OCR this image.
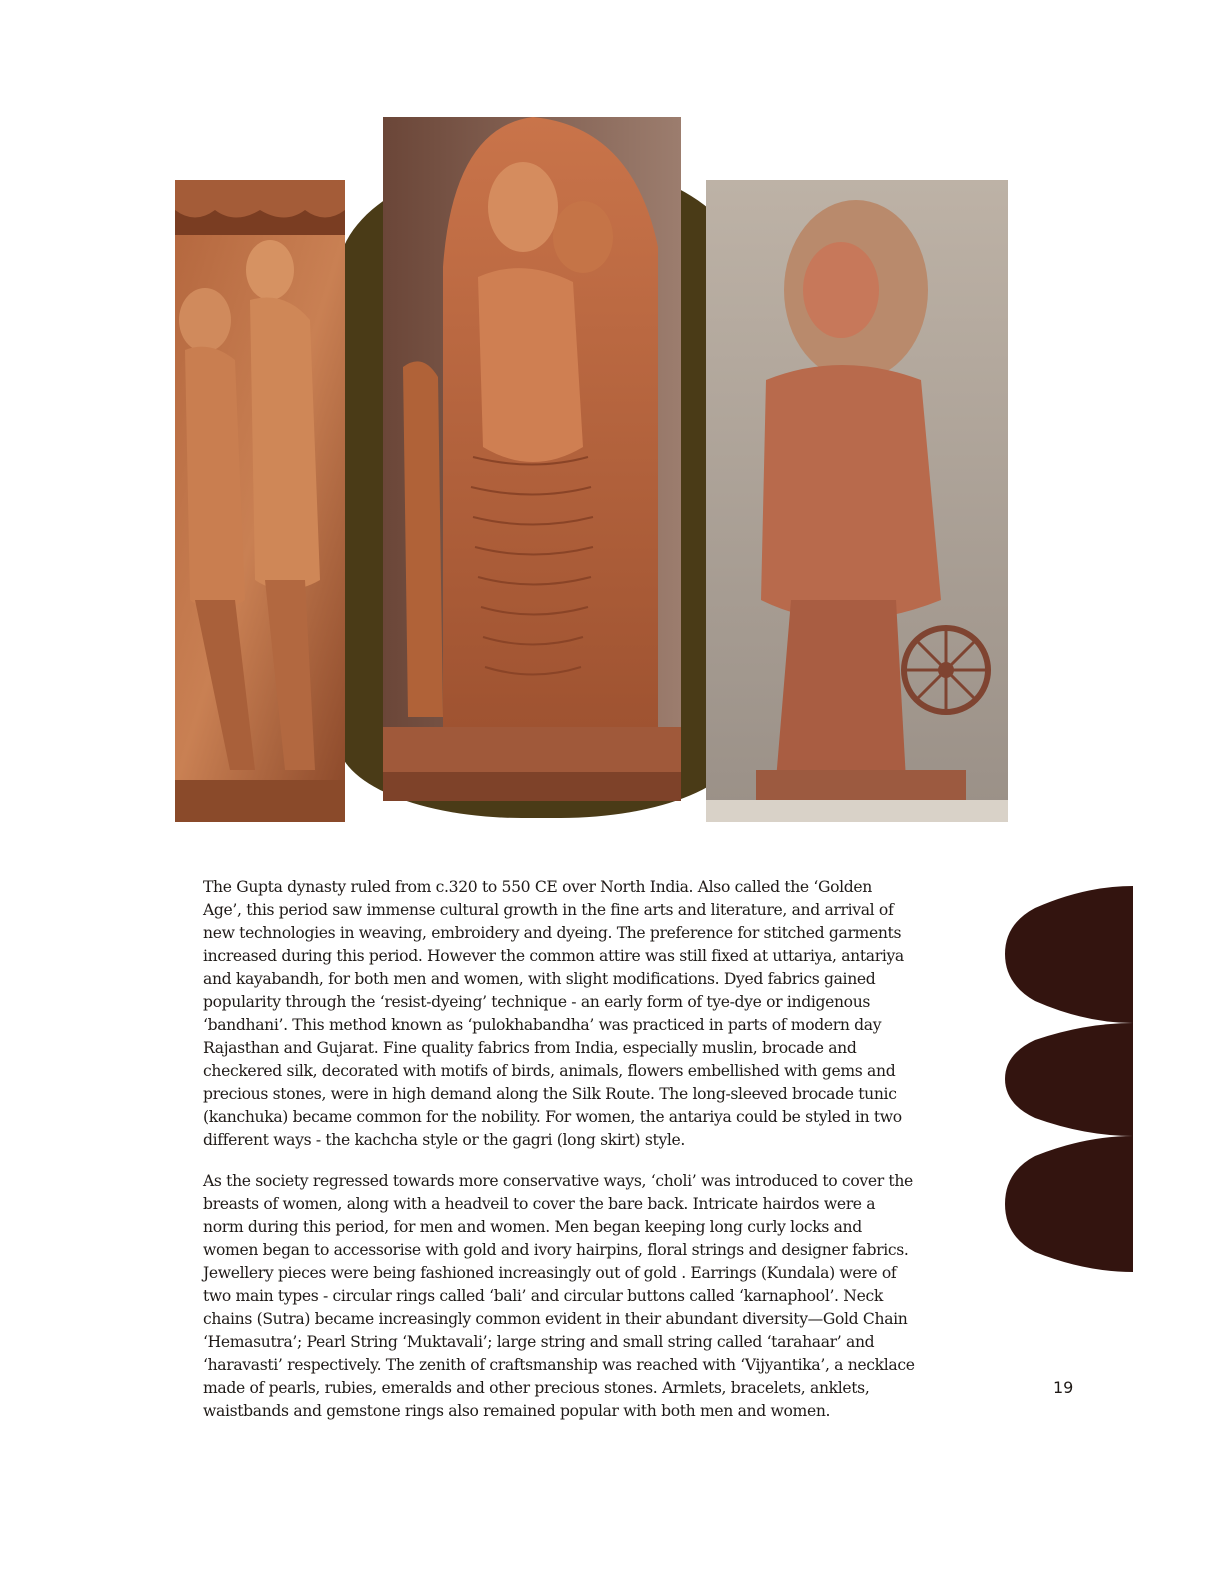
The Gupta dynasty ruled from c.320 to 550 CE over North India. Also called the ‘Golden Age’, this period saw immense cultural growth in the fine arts and literature, and arrival of new technologies in weaving, embroidery and dyeing. The preference for stitched garments increased during this period. However the common attire was still fixed at uttariya, antariya and kayabandh, for both men and women, with slight modifications. Dyed fabrics gained popularity through the ‘resist-dyeing’ technique - an early form of tye-dye or indigenous ‘bandhani’. This method known as ‘pulokhabandha’ was practiced in parts of modern day Rajasthan and Gujarat. Fine quality fabrics from India, especially muslin, brocade and checkered silk, decorated with motifs of birds, animals, flowers embellished with gems and precious stones, were in high demand along the Silk Route. The long-sleeved brocade tunic (kanchuka) became common for the nobility. For women, the antariya could be styled in two different ways - the kachcha style or the gagri (long skirt) style.

As the society regressed towards more conservative ways, ‘choli’ was introduced to cover the breasts of women, along with a headveil to cover the bare back. Intricate hairdos were a norm during this period, for men and women. Men began keeping long curly locks and women began to accessorise with gold and ivory hairpins, floral strings and designer fabrics. Jewellery pieces were being fashioned increasingly out of gold . Earrings (Kundala) were of two main types - circular rings called ‘bali’ and circular buttons called ‘karnaphool’. Neck chains (Sutra) became increasingly common evident in their abundant diversity—Gold Chain ‘Hemasutra’; Pearl String ‘Muktavali’; large string and small string called ‘tarahaar’ and ‘haravasti’ respectively. The zenith of craftsmanship was reached with ‘Vijyantika’, a necklace made of pearls, rubies, emeralds and other precious stones. Armlets, bracelets, anklets, waistbands and gemstone rings also remained popular with both men and women.

19
